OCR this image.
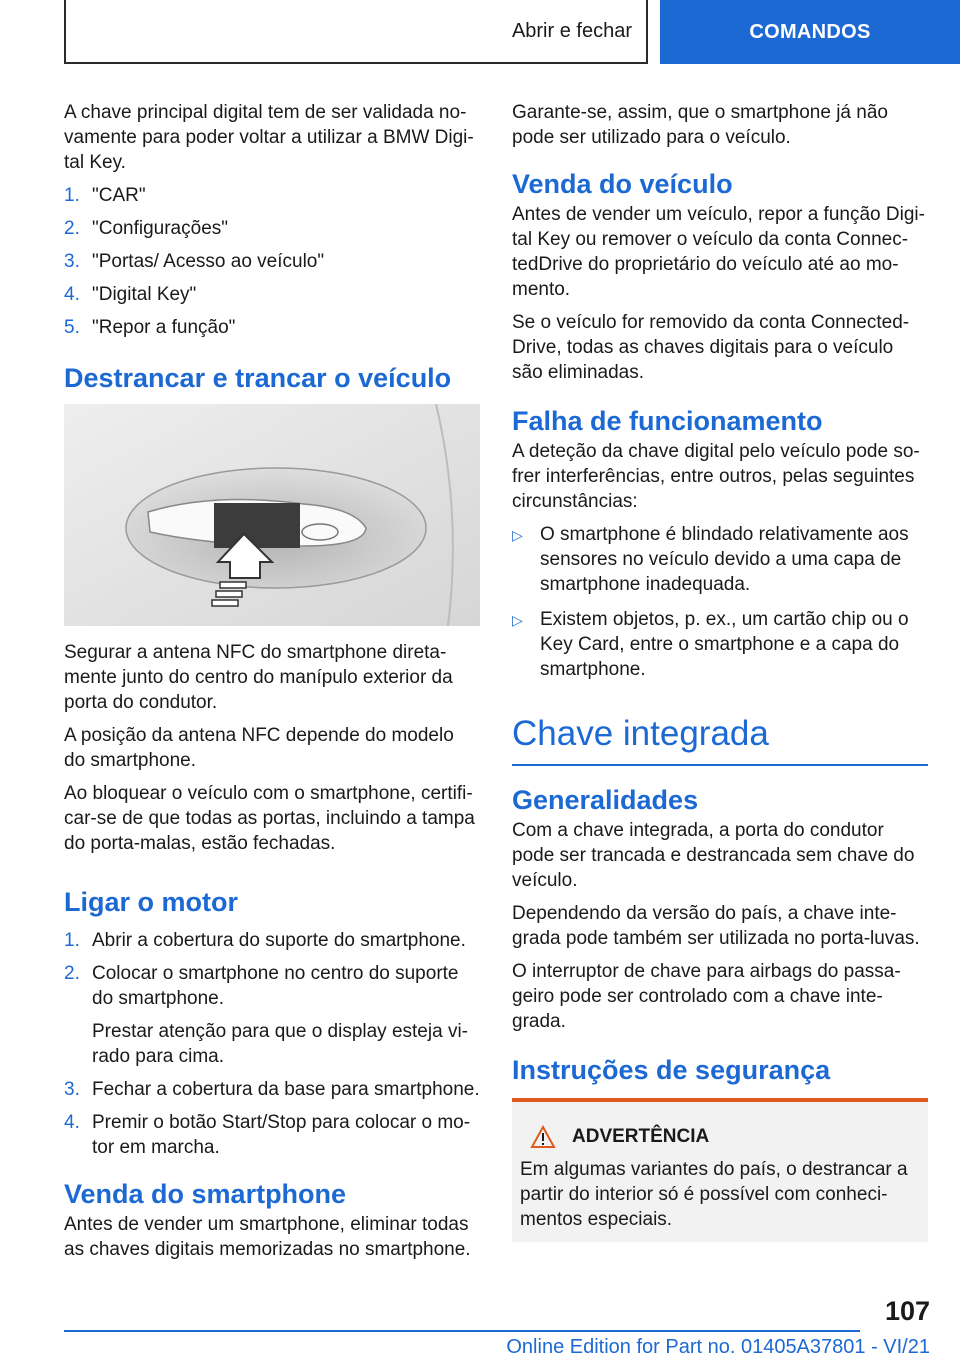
Abrir e fechar	COMANDOS

A chave principal digital tem de ser validada novamente para poder voltar a utilizar a BMW Digital Key.

1. "CAR"
2. "Configurações"
3. "Portas/ Acesso ao veículo"
4. "Digital Key"
5. "Repor a função"
Destrancar e trancar o veículo

Segurar a antena NFC do smartphone diretamente junto do centro do manípulo exterior da porta do condutor.

A posição da antena NFC depende do modelo do smartphone.

Ao bloquear o veículo com o smartphone, certificar-se de que todas as portas, incluindo a tampa do porta-malas, estão fechadas.

Ligar o motor
1. Abrir a cobertura do suporte do smartphone.
2. Colocar o smartphone no centro do suporte do smartphone.
Prestar atenção para que o display esteja virado para cima.
3. Fechar a cobertura da base para smartphone.
4. Premir o botão Start/Stop para colocar o motor em marcha.
Venda do smartphone

Antes de vender um smartphone, eliminar todas as chaves digitais memorizadas no smartphone.

Garante-se, assim, que o smartphone já não pode ser utilizado para o veículo.

Venda do veículo

Antes de vender um veículo, repor a função Digital Key ou remover o veículo da conta ConnectedDrive do proprietário do veículo até ao momento.

Se o veículo for removido da conta ConnectedDrive, todas as chaves digitais para o veículo são eliminadas.

Falha de funcionamento

A deteção da chave digital pelo veículo pode sofrer interferências, entre outros, pelas seguintes circunstâncias:

▷ O smartphone é blindado relativamente aos sensores no veículo devido a uma capa de smartphone inadequada.
▷ Existem objetos, p. ex., um cartão chip ou o Key Card, entre o smartphone e a capa do smartphone.
Chave integrada
Generalidades

Com a chave integrada, a porta do condutor pode ser trancada e destrancada sem chave do veículo.

Dependendo da versão do país, a chave integrada pode também ser utilizada no porta-luvas.

O interruptor de chave para airbags do passageiro pode ser controlado com a chave integrada.

Instruções de segurança
ADVERTÊNCIA
Em algumas variantes do país, o destrancar a partir do interior só é possível com conhecimentos especiais.
107
Online Edition for Part no. 01405A37801 - VI/21
